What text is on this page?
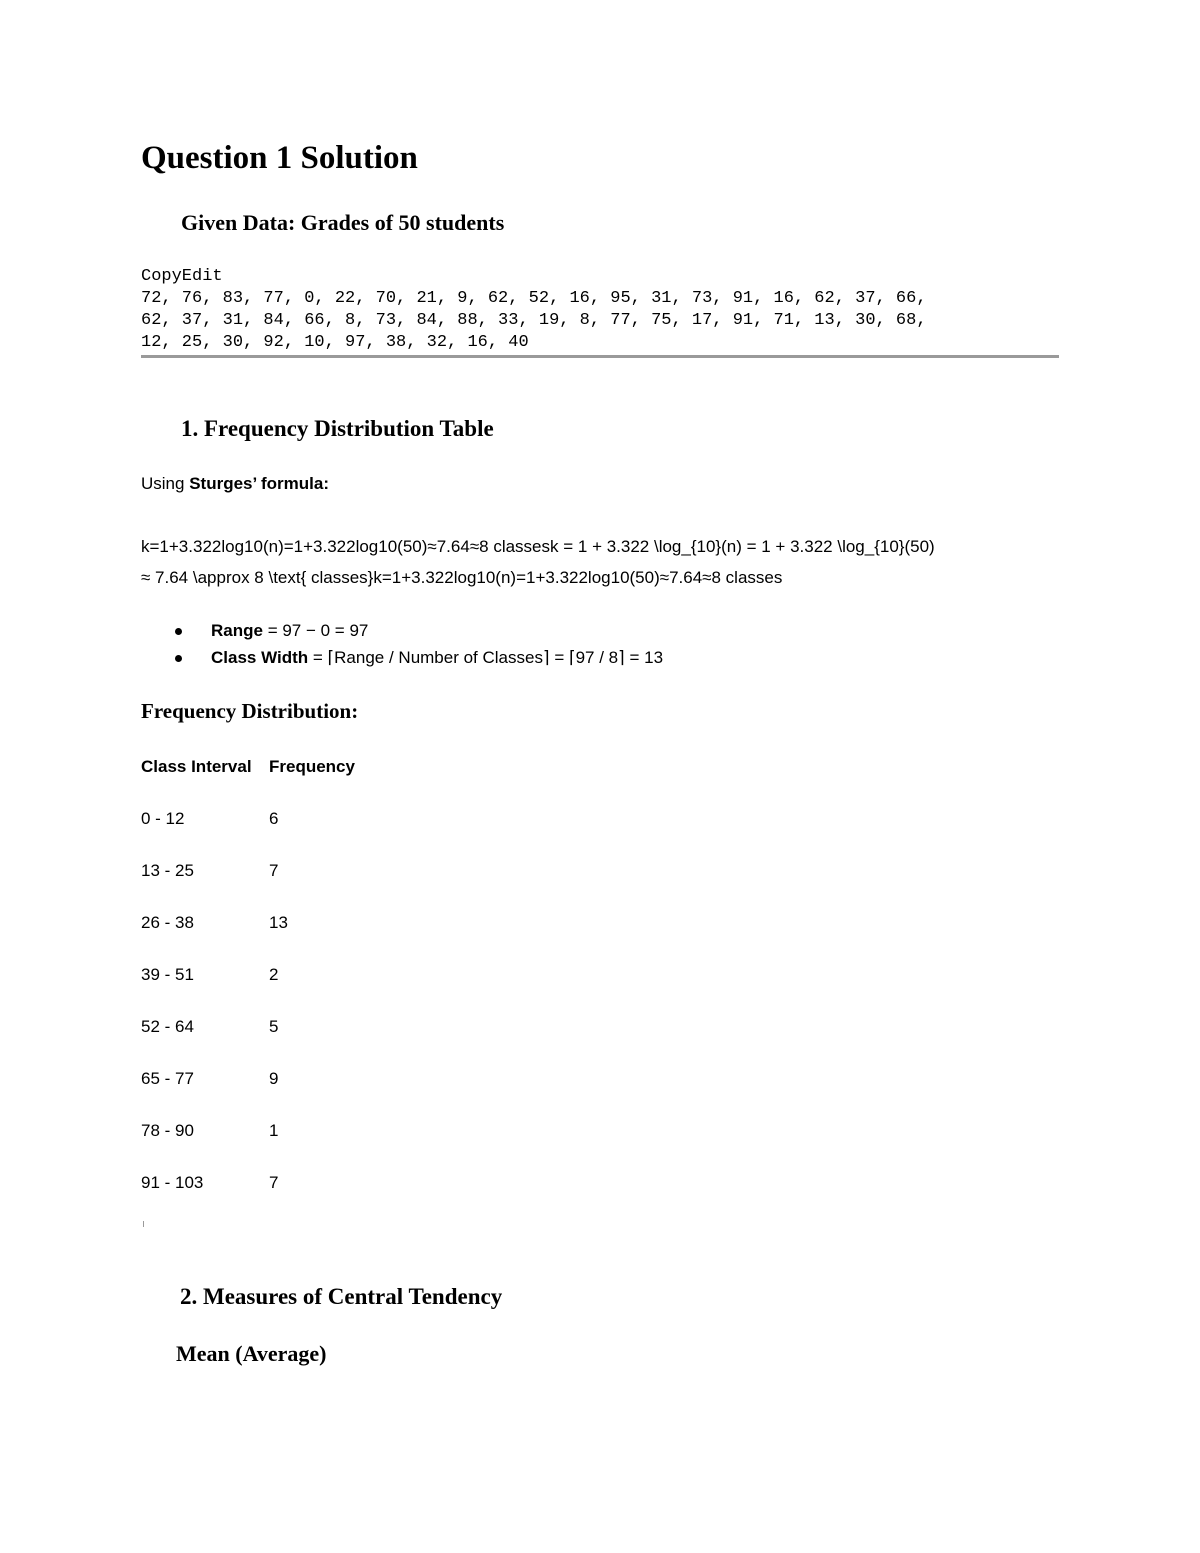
Question 1 Solution
Given Data: Grades of 50 students
CopyEdit
72, 76, 83, 77, 0, 22, 70, 21, 9, 62, 52, 16, 95, 31, 73, 91, 16, 62, 37, 66,
62, 37, 31, 84, 66, 8, 73, 84, 88, 33, 19, 8, 77, 75, 17, 91, 71, 13, 30, 68,
12, 25, 30, 92, 10, 97, 38, 32, 16, 40
1. Frequency Distribution Table

Using Sturges’ formula:

k=1+3.322log10(n)=1+3.322log10(50)≈7.64≈8 classesk = 1 + 3.322 \log_{10}(n) = 1 + 3.322 \log_{10}(50)
≈ 7.64 \approx 8 \text{ classes}k=1+3.322log10(n)=1+3.322log10(50)≈7.64≈8 classes

Range = 97 − 0 = 97
Class Width = ⌈Range / Number of Classes⌉ = ⌈97 / 8⌉ = 13
Frequency Distribution:
Class Interval	Frequency
0 - 12	6
13 - 25	7
26 - 38	13
39 - 51	2
52 - 64	5
65 - 77	9
78 - 90	1
91 - 103	7
2. Measures of Central Tendency
Mean (Average)
